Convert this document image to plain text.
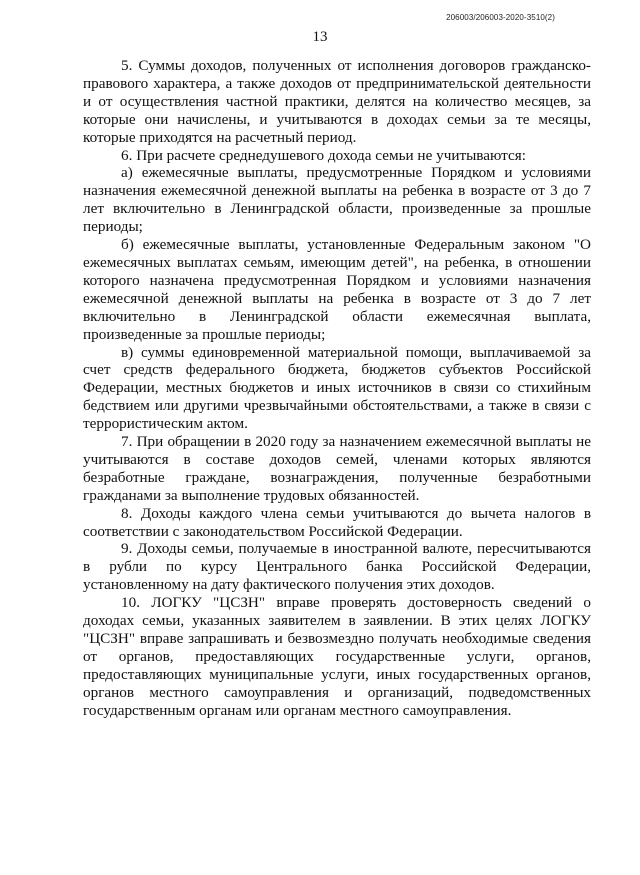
206003/206003-2020-3510(2)
13

5. Суммы доходов, полученных от исполнения договоров гражданско-правового характера, а также доходов от предпринимательской деятельности и от осуществления частной практики, делятся на количество месяцев, за которые они начислены, и учитываются в доходах семьи за те месяцы, которые приходятся на расчетный период.

6. При расчете среднедушевого дохода семьи не учитываются:

а) ежемесячные выплаты, предусмотренные Порядком и условиями назначения ежемесячной денежной выплаты на ребенка в возрасте от 3 до 7 лет включительно в Ленинградской области, произведенные за прошлые периоды;

б) ежемесячные выплаты, установленные Федеральным законом "О ежемесячных выплатах семьям, имеющим детей", на ребенка, в отношении которого назначена предусмотренная Порядком и условиями назначения ежемесячной денежной выплаты на ребенка в возрасте от 3 до 7 лет включительно в Ленинградской области ежемесячная выплата, произведенные за прошлые периоды;

в) суммы единовременной материальной помощи, выплачиваемой за счет средств федерального бюджета, бюджетов субъектов Российской Федерации, местных бюджетов и иных источников в связи со стихийным бедствием или другими чрезвычайными обстоятельствами, а также в связи с террористическим актом.

7. При обращении в 2020 году за назначением ежемесячной выплаты не учитываются в составе доходов семей, членами которых являются безработные граждане, вознаграждения, полученные безработными гражданами за выполнение трудовых обязанностей.

8. Доходы каждого члена семьи учитываются до вычета налогов в соответствии с законодательством Российской Федерации.

9. Доходы семьи, получаемые в иностранной валюте, пересчитываются в рубли по курсу Центрального банка Российской Федерации, установленному на дату фактического получения этих доходов.

10. ЛОГКУ "ЦСЗН" вправе проверять достоверность сведений о доходах семьи, указанных заявителем в заявлении. В этих целях ЛОГКУ "ЦСЗН" вправе запрашивать и безвозмездно получать необходимые сведения от органов, предоставляющих государственные услуги, органов, предоставляющих муниципальные услуги, иных государственных органов, органов местного самоуправления и организаций, подведомственных государственным органам или органам местного самоуправления.
